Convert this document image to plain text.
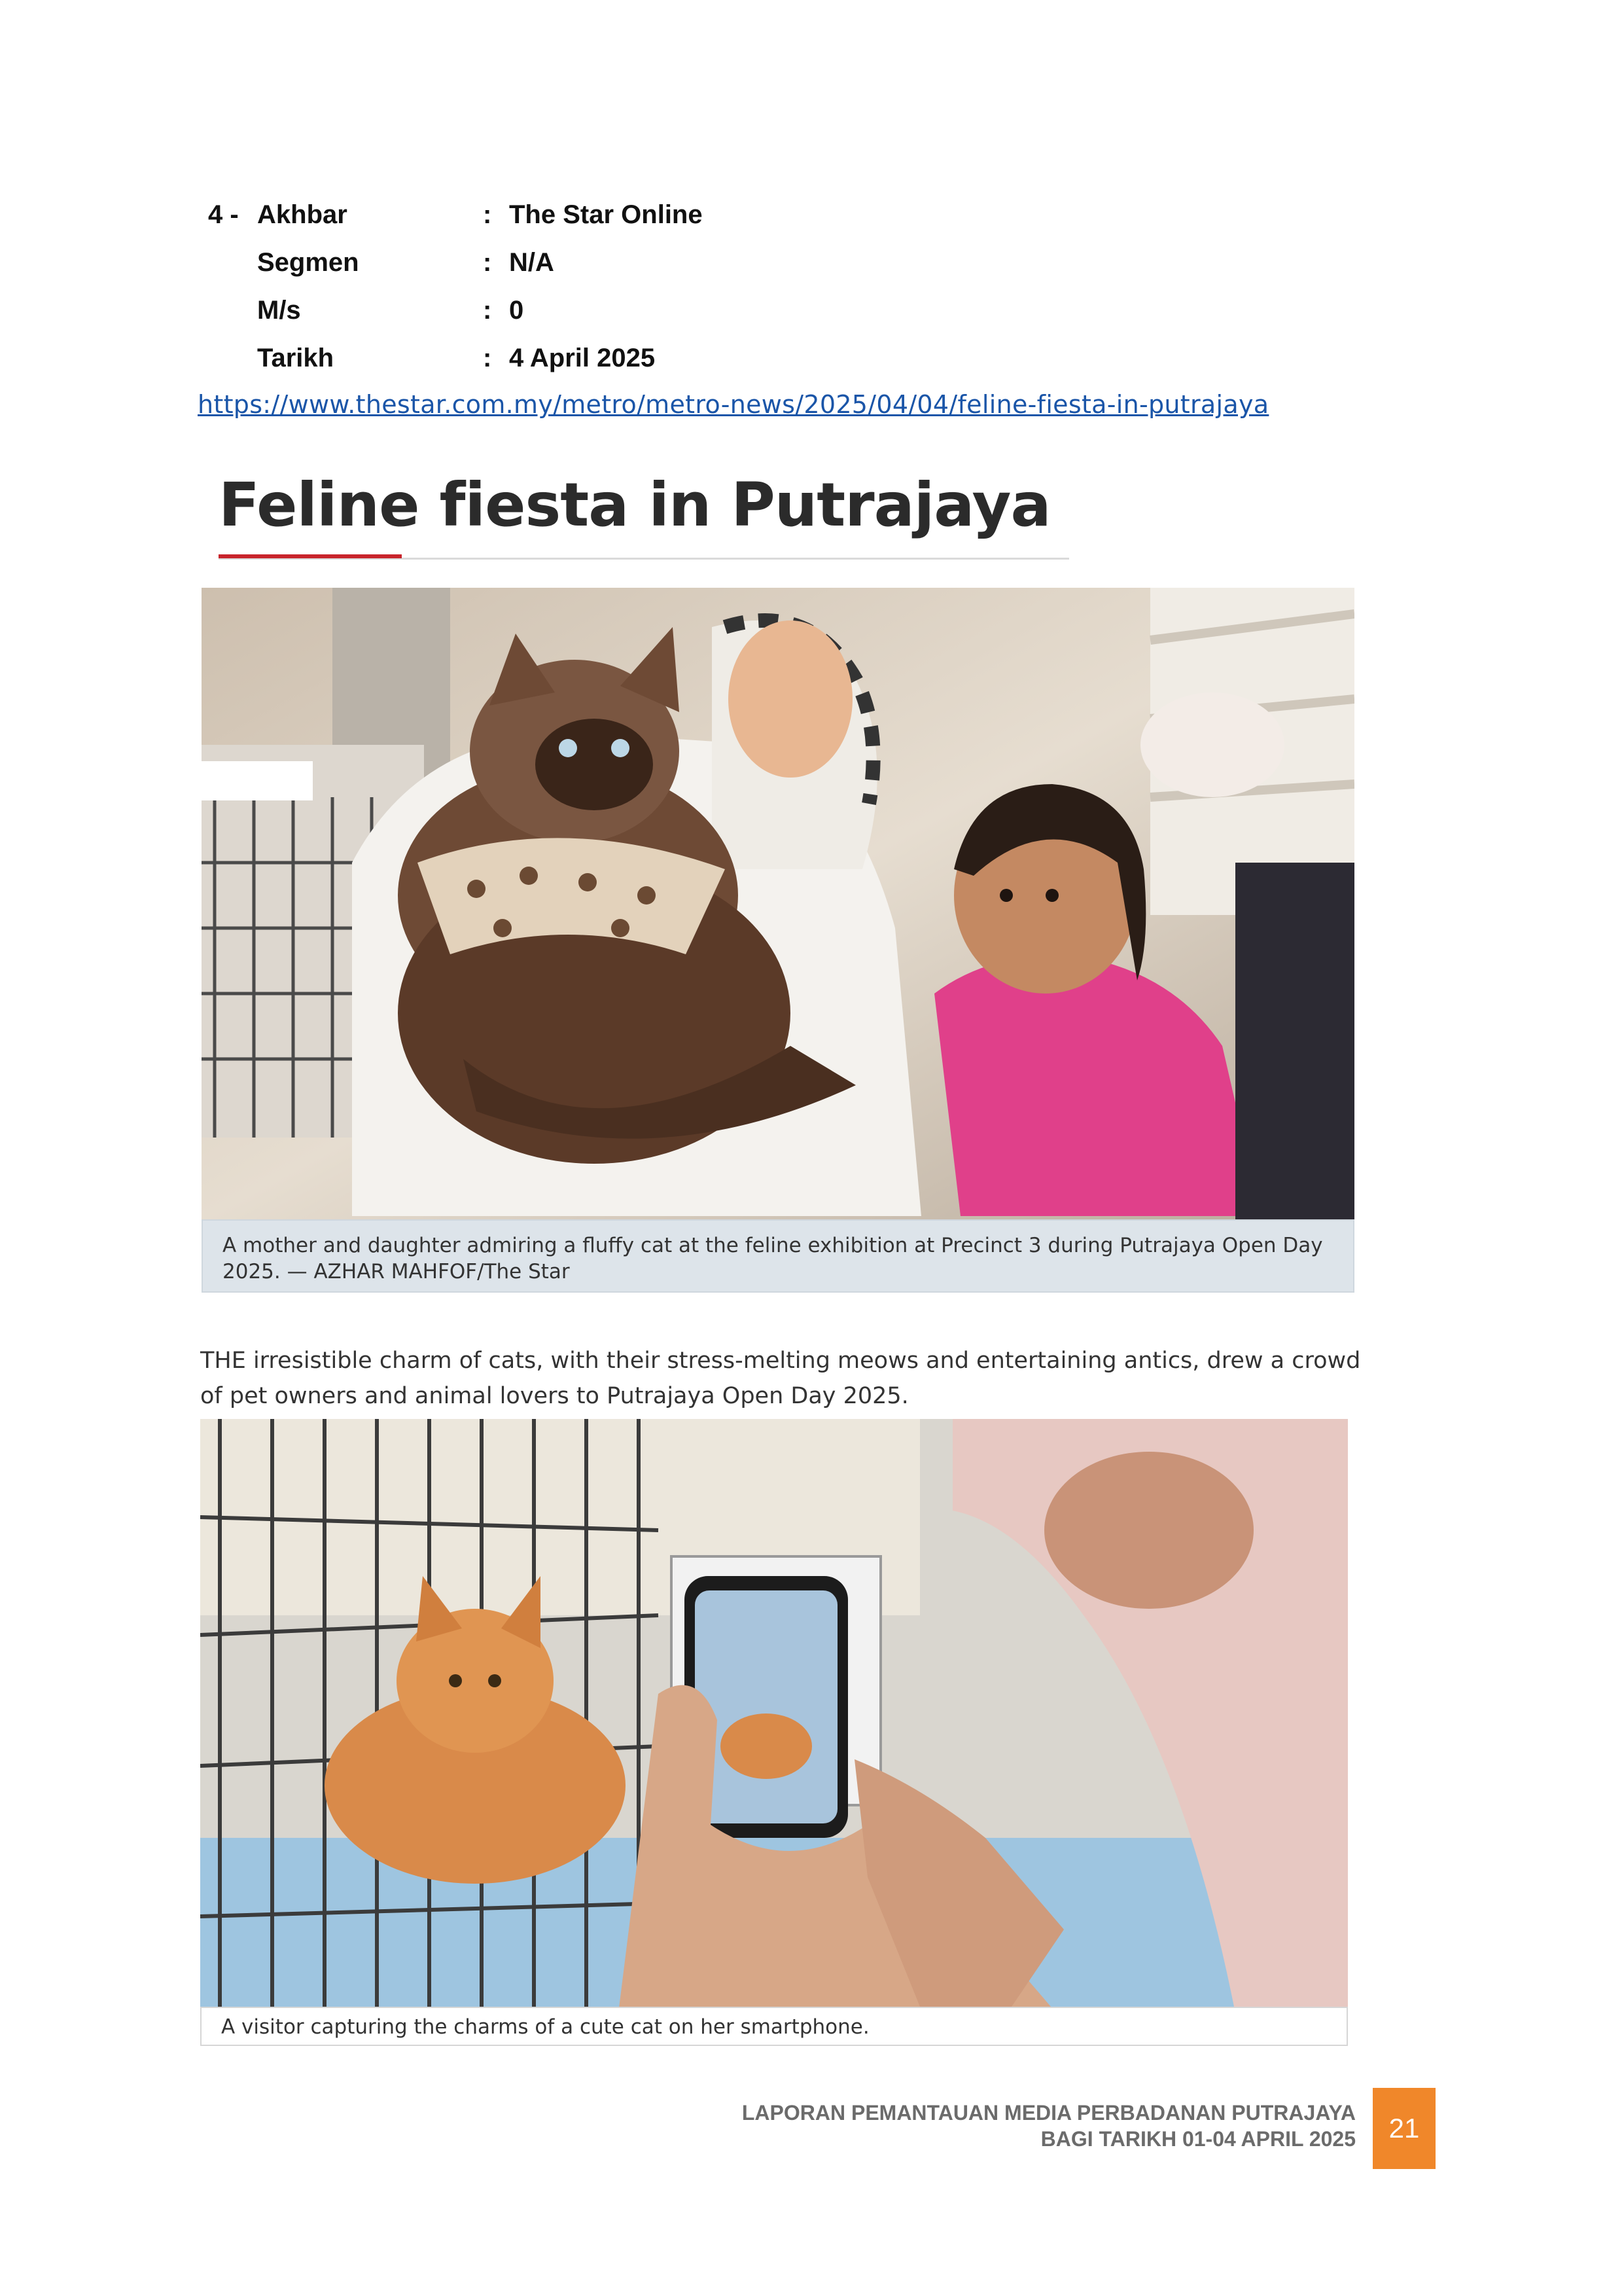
4 - Akhbar	: The Star Online
Segmen	: N/A
M/s	: 0
Tarikh	: 4 April 2025
https://www.thestar.com.my/metro/metro-news/2025/04/04/feline-fiesta-in-putrajaya
Feline fiesta in Putrajaya
A mother and daughter admiring a fluffy cat at the feline exhibition at Precinct 3 during Putrajaya Open Day 2025. — AZHAR MAHFOF/The Star
THE irresistible charm of cats, with their stress-melting meows and entertaining antics, drew a crowd of pet owners and animal lovers to Putrajaya Open Day 2025.
A visitor capturing the charms of a cute cat on her smartphone.
LAPORAN PEMANTAUAN MEDIA PERBADANAN PUTRAJAYA
BAGI TARIKH 01-04 APRIL 2025	21
